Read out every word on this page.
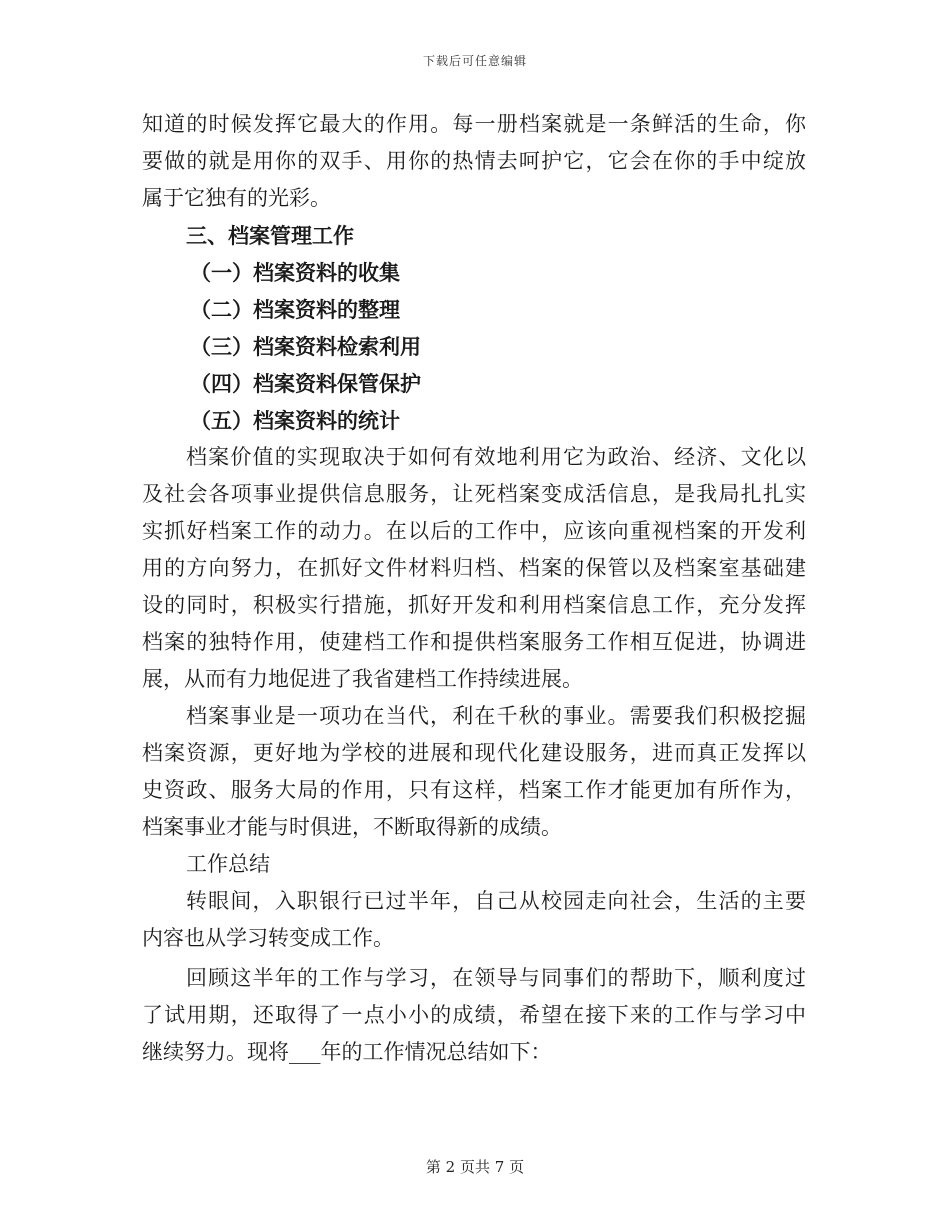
下载后可任意编辑
知道的时候发挥它最大的作用。每一册档案就是一条鲜活的生命，你
要做的就是用你的双手、用你的热情去呵护它，它会在你的手中绽放
属于它独有的光彩。
三、档案管理工作
（一）档案资料的收集
（二）档案资料的整理
（三）档案资料检索利用
（四）档案资料保管保护
（五）档案资料的统计
档案价值的实现取决于如何有效地利用它为政治、经济、文化以
及社会各项事业提供信息服务，让死档案变成活信息，是我局扎扎实
实抓好档案工作的动力。在以后的工作中，应该向重视档案的开发利
用的方向努力，在抓好文件材料归档、档案的保管以及档案室基础建
设的同时，积极实行措施，抓好开发和利用档案信息工作，充分发挥
档案的独特作用，使建档工作和提供档案服务工作相互促进，协调进
展，从而有力地促进了我省建档工作持续进展。
档案事业是一项功在当代，利在千秋的事业。需要我们积极挖掘
档案资源，更好地为学校的进展和现代化建设服务，进而真正发挥以
史资政、服务大局的作用，只有这样，档案工作才能更加有所作为，
档案事业才能与时俱进，不断取得新的成绩。
工作总结
转眼间，入职银行已过半年，自己从校园走向社会，生活的主要
内容也从学习转变成工作。
回顾这半年的工作与学习，在领导与同事们的帮助下，顺利度过
了试用期，还取得了一点小小的成绩，希望在接下来的工作与学习中
继续努力。现将___年的工作情况总结如下：
第 2 页共 7 页
